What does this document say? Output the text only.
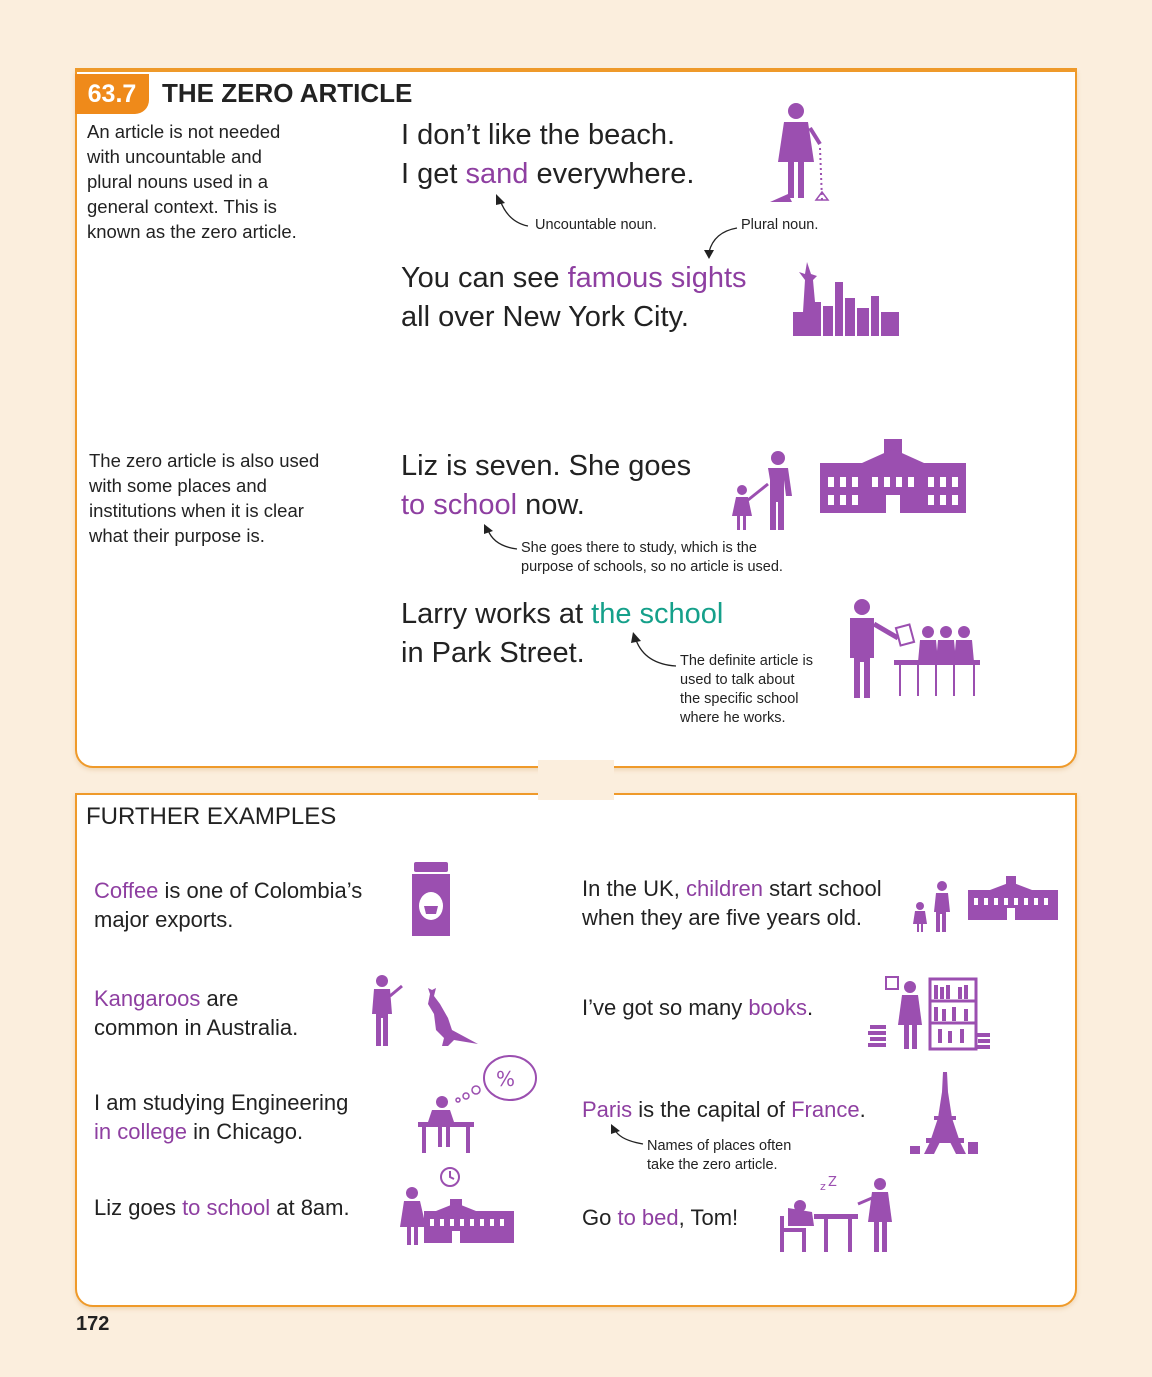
63.7 THE ZERO ARTICLE
An article is not needed
with uncountable and
plural nouns used in a
general context. This is
known as the zero article.
The zero article is also used
with some places and
institutions when it is clear
what their purpose is.
I don’t like the beach.
I get sand everywhere.
Uncountable noun.	Plural noun.
You can see famous sights
all over New York City.
Liz is seven. She goes
to school now.
She goes there to study, which is the
purpose of schools, so no article is used.
Larry works at the school
in Park Street.	The definite article is
used to talk about
the specific school
where he works.
FURTHER EXAMPLES
Coffee is one of Colombia’s
major exports.
Kangaroos are
common in Australia.
I am studying Engineering
in college in Chicago.
Liz goes to school at 8am.
In the UK, children start school
when they are five years old.
I’ve got so many books.
Paris is the capital of France.
Names of places often
take the zero article.
Go to bed, Tom!
%
z Z
172
